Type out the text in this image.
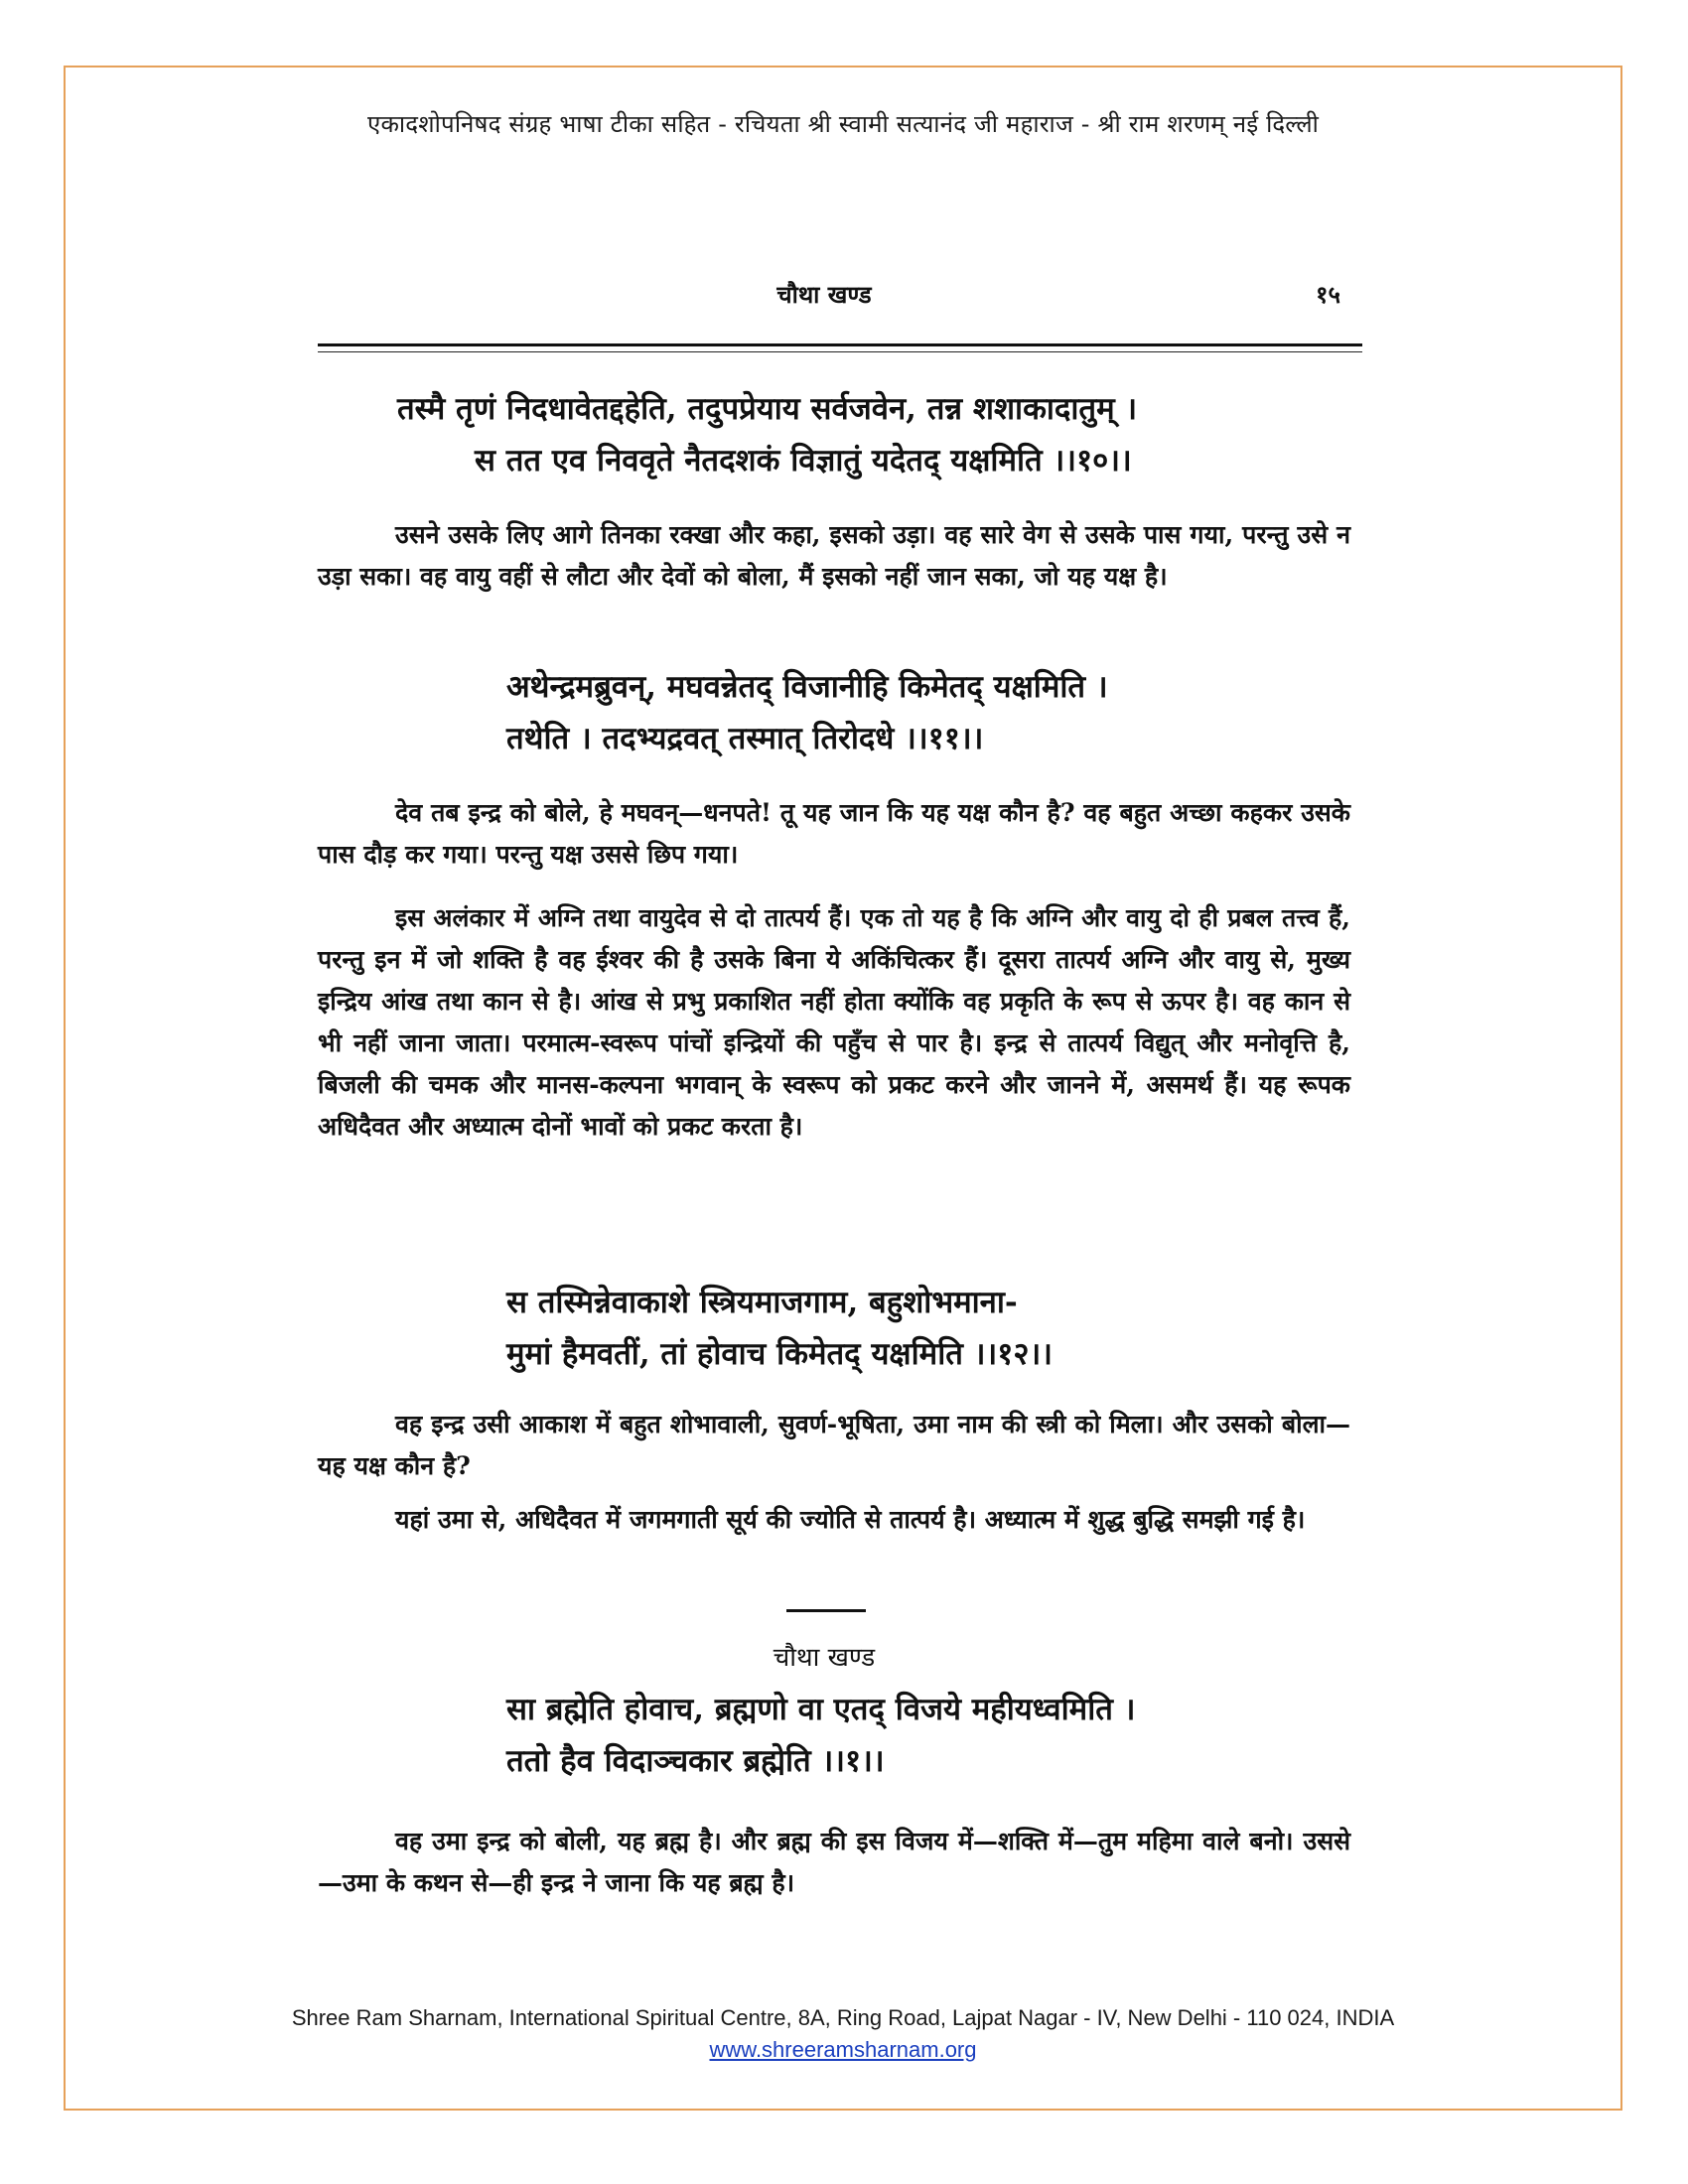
एकादशोपनिषद संग्रह भाषा टीका सहित - रचियता श्री स्वामी सत्यानंद जी महाराज - श्री राम शरणम् नई दिल्ली
चौथा खण्ड	१५
तस्मै तृणं निदधावेतद्दहेति, तदुपप्रेयाय सर्वजवेन, तन्न शशाकादातुम् ।
स तत एव निववृते नैतदशकं विज्ञातुं यदेतद् यक्षमिति ।।१०।।
उसने उसके लिए आगे तिनका रक्खा और कहा, इसको उड़ा। वह सारे वेग से उसके पास गया, परन्तु उसे न उड़ा सका। वह वायु वहीं से लौटा और देवों को बोला, मैं इसको नहीं जान सका, जो यह यक्ष है।
अथेन्द्रमब्रुवन्, मघवन्नेतद् विजानीहि किमेतद् यक्षमिति ।
तथेति । तदभ्यद्रवत् तस्मात् तिरोदधे ।।११।।
देव तब इन्द्र को बोले, हे मघवन्—धनपते! तू यह जान कि यह यक्ष कौन है? वह बहुत अच्छा कहकर उसके पास दौड़ कर गया। परन्तु यक्ष उससे छिप गया।
इस अलंकार में अग्नि तथा वायुदेव से दो तात्पर्य हैं। एक तो यह है कि अग्नि और वायु दो ही प्रबल तत्त्व हैं, परन्तु इन में जो शक्ति है वह ईश्वर की है उसके बिना ये अकिंचित्कर हैं। दूसरा तात्पर्य अग्नि और वायु से, मुख्य इन्द्रिय आंख तथा कान से है। आंख से प्रभु प्रकाशित नहीं होता क्योंकि वह प्रकृति के रूप से ऊपर है। वह कान से भी नहीं जाना जाता। परमात्म-स्वरूप पांचों इन्द्रियों की पहुँच से पार है। इन्द्र से तात्पर्य विद्युत् और मनोवृत्ति है, बिजली की चमक और मानस-कल्पना भगवान् के स्वरूप को प्रकट करने और जानने में, असमर्थ हैं। यह रूपक अधिदैवत और अध्यात्म दोनों भावों को प्रकट करता है।
स तस्मिन्नेवाकाशे स्त्रियमाजगाम, बहुशोभमाना-
मुमां हैमवतीं, तां होवाच किमेतद् यक्षमिति ।।१२।।
वह इन्द्र उसी आकाश में बहुत शोभावाली, सुवर्ण-भूषिता, उमा नाम की स्त्री को मिला। और उसको बोला—यह यक्ष कौन है?
यहां उमा से, अधिदैवत में जगमगाती सूर्य की ज्योति से तात्पर्य है। अध्यात्म में शुद्ध बुद्धि समझी गई है।
चौथा खण्ड
सा ब्रह्मेति होवाच, ब्रह्मणो वा एतद् विजये महीयध्वमिति ।
ततो हैव विदाञ्चकार ब्रह्मेति ।।१।।
वह उमा इन्द्र को बोली, यह ब्रह्म है। और ब्रह्म की इस विजय में—शक्ति में—तुम महिमा वाले बनो। उससे—उमा के कथन से—ही इन्द्र ने जाना कि यह ब्रह्म है।
Shree Ram Sharnam, International Spiritual Centre, 8A, Ring Road, Lajpat Nagar - IV, New Delhi - 110 024, INDIA
www.shreeramsharnam.org
